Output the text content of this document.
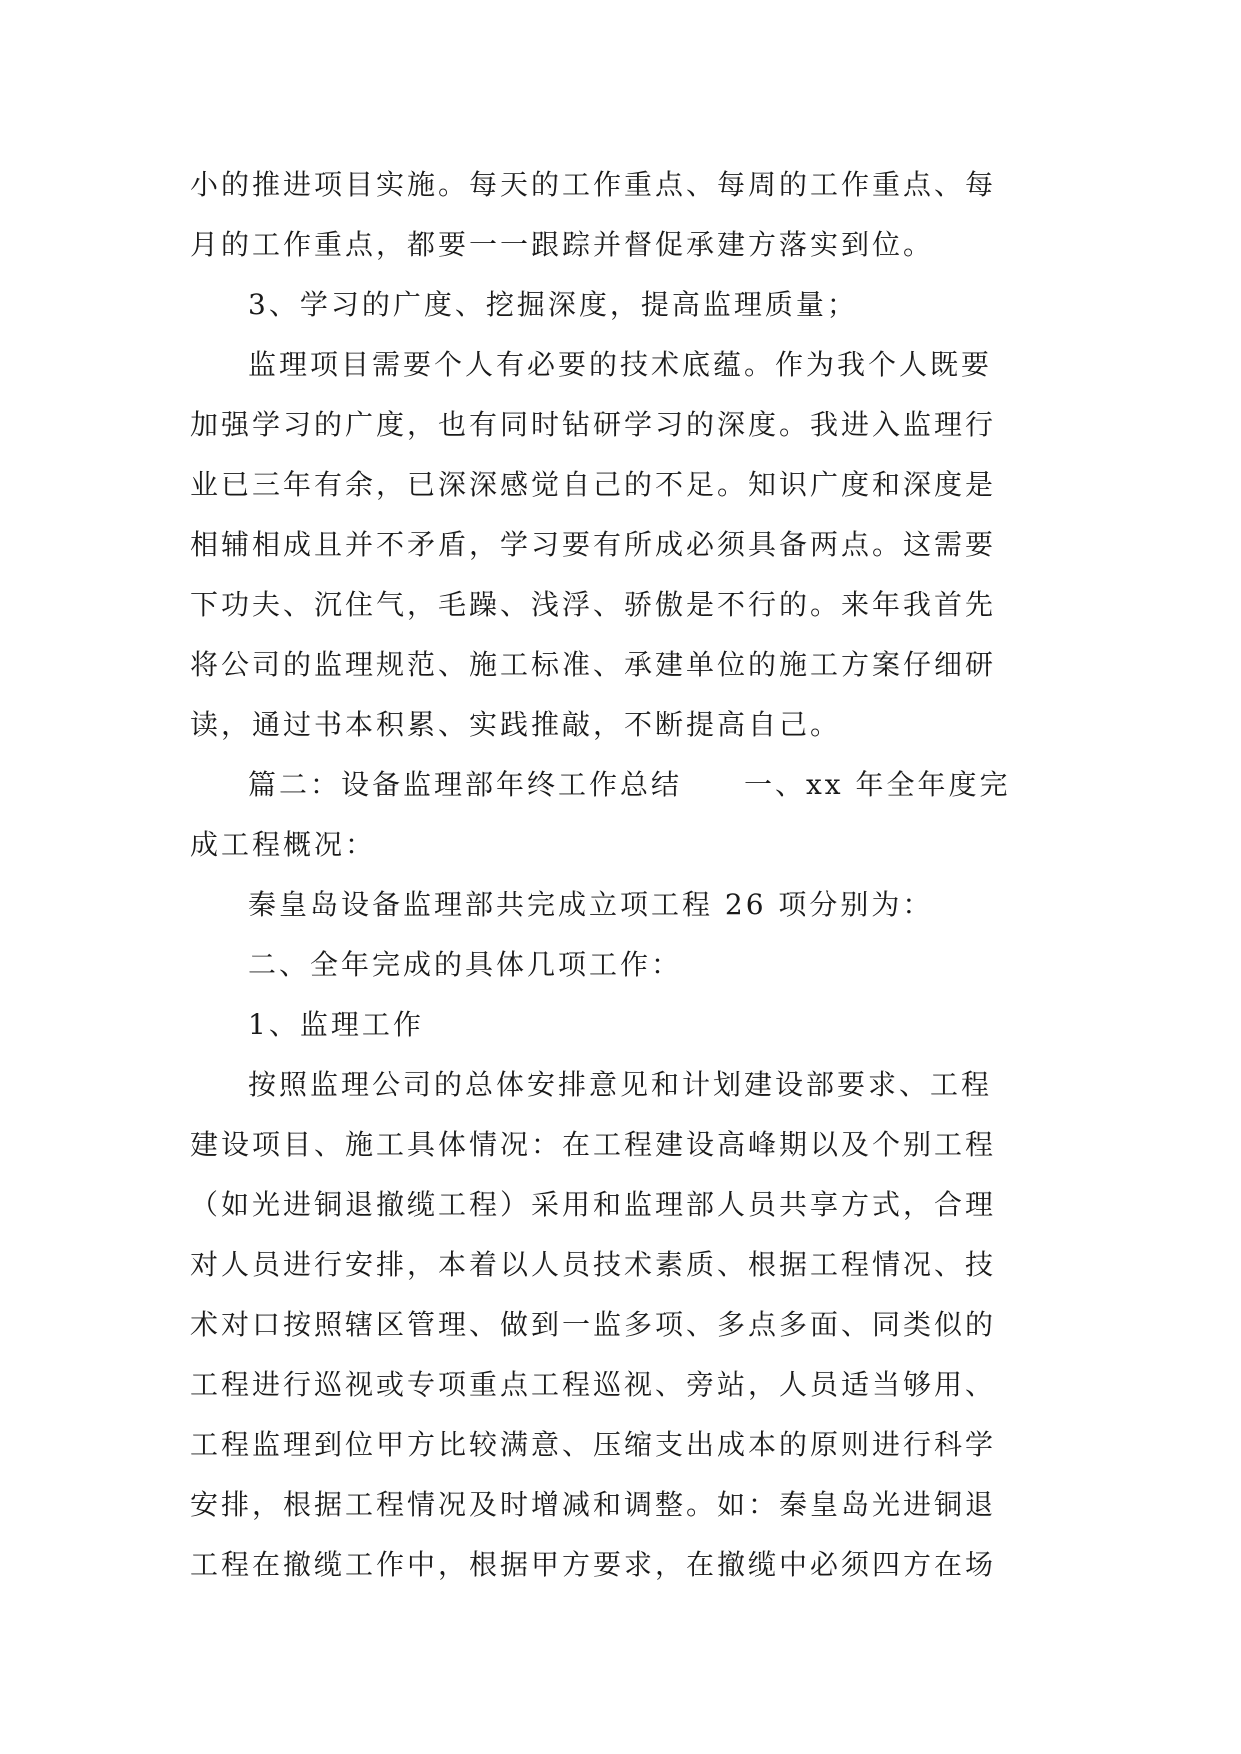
小的推进项目实施。每天的工作重点、每周的工作重点、每
月的工作重点，都要一一跟踪并督促承建方落实到位。
3、学习的广度、挖掘深度，提高监理质量；
监理项目需要个人有必要的技术底蕴。作为我个人既要
加强学习的广度，也有同时钻研学习的深度。我进入监理行
业已三年有余，已深深感觉自己的不足。知识广度和深度是
相辅相成且并不矛盾，学习要有所成必须具备两点。这需要
下功夫、沉住气，毛躁、浅浮、骄傲是不行的。来年我首先
将公司的监理规范、施工标准、承建单位的施工方案仔细研
读，通过书本积累、实践推敲，不断提高自己。
篇二：设备监理部年终工作总结　　一、xx 年全年度完
成工程概况：
秦皇岛设备监理部共完成立项工程 26 项分别为：
二、全年完成的具体几项工作：
1、监理工作
按照监理公司的总体安排意见和计划建设部要求、工程
建设项目、施工具体情况：在工程建设高峰期以及个别工程
（如光进铜退撤缆工程）采用和监理部人员共享方式，合理
对人员进行安排，本着以人员技术素质、根据工程情况、技
术对口按照辖区管理、做到一监多项、多点多面、同类似的
工程进行巡视或专项重点工程巡视、旁站，人员适当够用、
工程监理到位甲方比较满意、压缩支出成本的原则进行科学
安排，根据工程情况及时增减和调整。如：秦皇岛光进铜退
工程在撤缆工作中，根据甲方要求，在撤缆中必须四方在场
